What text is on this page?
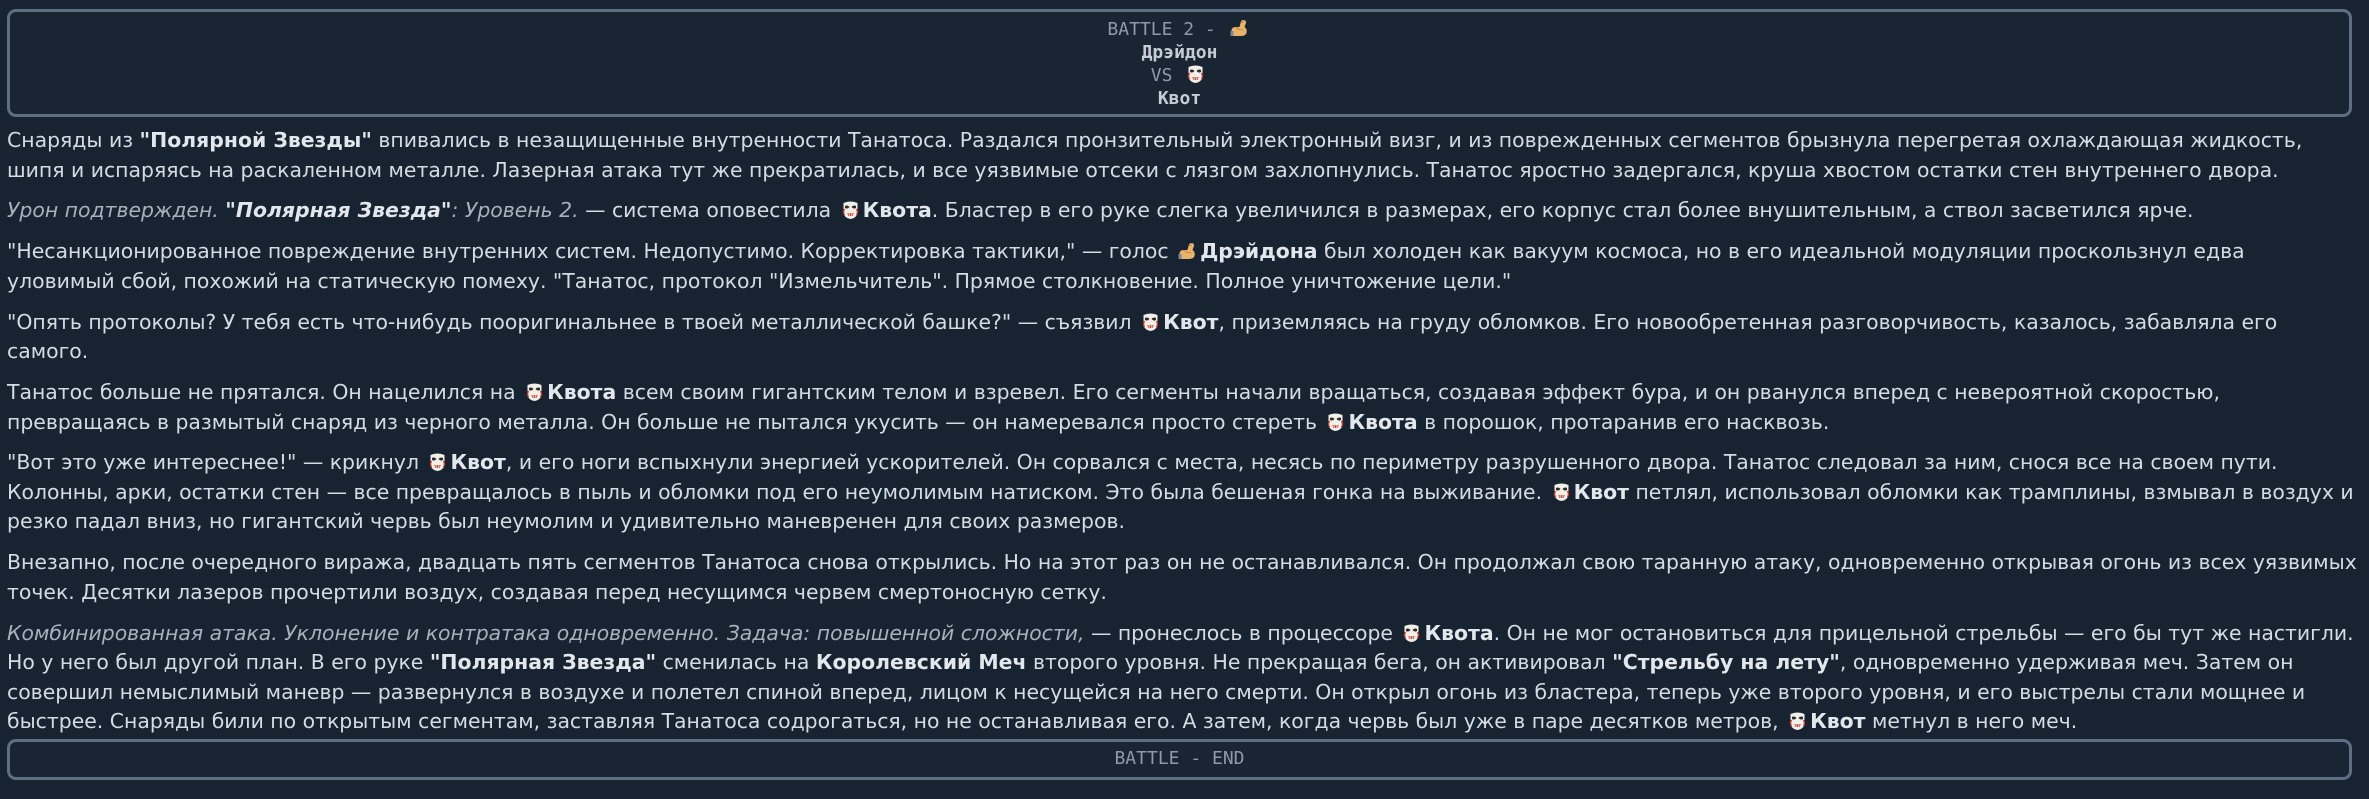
BATTLE 2 -
Дрэйдон
VS
Квот

Снаряды из "Полярной Звезды" впивались в незащищенные внутренности Танатоса. Раздался пронзительный электронный визг, и из поврежденных сегментов брызнула перегретая охлаждающая жидкость, шипя и испаряясь на раскаленном металле. Лазерная атака тут же прекратилась, и все уязвимые отсеки с лязгом захлопнулись. Танатос яростно задергался, круша хвостом остатки стен внутреннего двора.

Урон подтвержден. "Полярная Звезда": Уровень 2. — система оповестила
Квота. Бластер в его руке слегка увеличился в размерах, его корпус стал более внушительным, а ствол засветился ярче.

"Несанкционированное повреждение внутренних систем. Недопустимо. Корректировка тактики," — голос
Дрэйдона был холоден как вакуум космоса, но в его идеальной модуляции проскользнул едва уловимый сбой, похожий на статическую помеху. "Танатос, протокол "Измельчитель". Прямое столкновение. Полное уничтожение цели."

"Опять протоколы? У тебя есть что-нибудь пооригинальнее в твоей металлической башке?" — съязвил
Квот, приземляясь на груду обломков. Его новообретенная разговорчивость, казалось, забавляла его самого.

Танатос больше не прятался. Он нацелился на
Квота всем своим гигантским телом и взревел. Его сегменты начали вращаться, создавая эффект бура, и он рванулся вперед с невероятной скоростью, превращаясь в размытый снаряд из черного металла. Он больше не пытался укусить — он намеревался просто стереть
Квота в порошок, протаранив его насквозь.

"Вот это уже интереснее!" — крикнул
Квот, и его ноги вспыхнули энергией ускорителей. Он сорвался с места, несясь по периметру разрушенного двора. Танатос следовал за ним, снося все на своем пути. Колонны, арки, остатки стен — все превращалось в пыль и обломки под его неумолимым натиском. Это была бешеная гонка на выживание.
Квот петлял, использовал обломки как трамплины, взмывал в воздух и резко падал вниз, но гигантский червь был неумолим и удивительно маневренен для своих размеров.

Внезапно, после очередного виража, двадцать пять сегментов Танатоса снова открылись. Но на этот раз он не останавливался. Он продолжал свою таранную атаку, одновременно открывая огонь из всех уязвимых точек. Десятки лазеров прочертили воздух, создавая перед несущимся червем смертоносную сетку.

Комбинированная атака. Уклонение и контратака одновременно. Задача: повышенной сложности, — пронеслось в процессоре
Квота. Он не мог остановиться для прицельной стрельбы — его бы тут же настигли. Но у него был другой план. В его руке "Полярная Звезда" сменилась на Королевский Меч второго уровня. Не прекращая бега, он активировал "Стрельбу на лету", одновременно удерживая меч. Затем он совершил немыслимый маневр — развернулся в воздухе и полетел спиной вперед, лицом к несущейся на него смерти. Он открыл огонь из бластера, теперь уже второго уровня, и его выстрелы стали мощнее и быстрее. Снаряды били по открытым сегментам, заставляя Танатоса содрогаться, но не останавливая его. А затем, когда червь был уже в паре десятков метров,
Квот метнул в него меч.

BATTLE - END
